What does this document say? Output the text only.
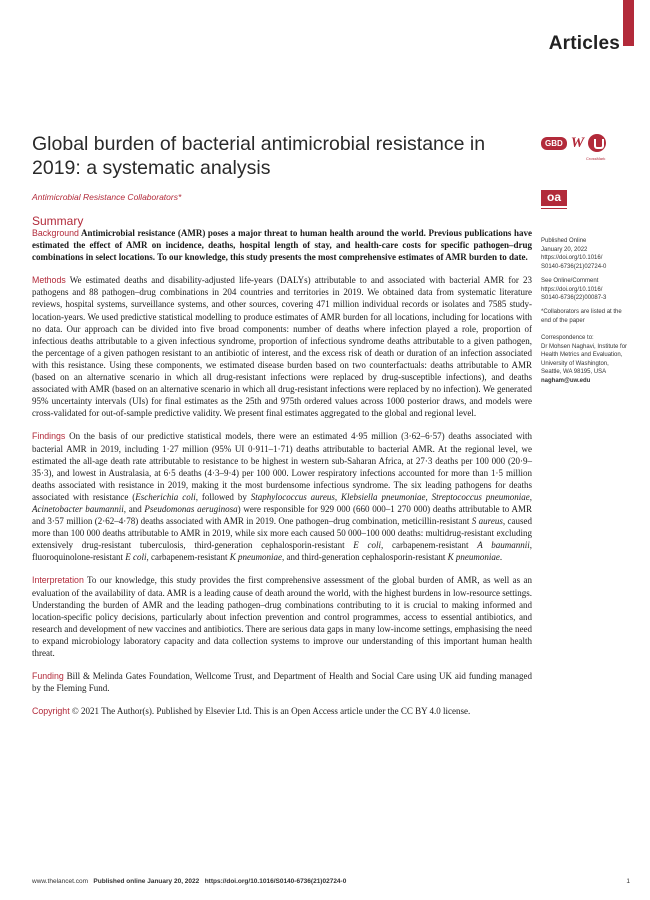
Articles
Global burden of bacterial antimicrobial resistance in 2019: a systematic analysis
Antimicrobial Resistance Collaborators*
GBD W
CrossMark
oa
Summary

Background Antimicrobial resistance (AMR) poses a major threat to human health around the world. Previous publications have estimated the effect of AMR on incidence, deaths, hospital length of stay, and health-care costs for specific pathogen–drug combinations in select locations. To our knowledge, this study presents the most comprehensive estimates of AMR burden to date.

Methods We estimated deaths and disability-adjusted life-years (DALYs) attributable to and associated with bacterial AMR for 23 pathogens and 88 pathogen–drug combinations in 204 countries and territories in 2019. We obtained data from systematic literature reviews, hospital systems, surveillance systems, and other sources, covering 471 million individual records or isolates and 7585 study-location-years. We used predictive statistical modelling to produce estimates of AMR burden for all locations, including for locations with no data. Our approach can be divided into five broad components: number of deaths where infection played a role, proportion of infectious deaths attributable to a given infectious syndrome, proportion of infectious syndrome deaths attributable to a given pathogen, the percentage of a given pathogen resistant to an antibiotic of interest, and the excess risk of death or duration of an infection associated with this resistance. Using these components, we estimated disease burden based on two counterfactuals: deaths attributable to AMR (based on an alternative scenario in which all drug-resistant infections were replaced by drug-susceptible infections), and deaths associated with AMR (based on an alternative scenario in which all drug-resistant infections were replaced by no infection). We generated 95% uncertainty intervals (UIs) for final estimates as the 25th and 975th ordered values across 1000 posterior draws, and models were cross-validated for out-of-sample predictive validity. We present final estimates aggregated to the global and regional level.

Findings On the basis of our predictive statistical models, there were an estimated 4·95 million (3·62–6·57) deaths associated with bacterial AMR in 2019, including 1·27 million (95% UI 0·911–1·71) deaths attributable to bacterial AMR. At the regional level, we estimated the all-age death rate attributable to resistance to be highest in western sub-Saharan Africa, at 27·3 deaths per 100 000 (20·9–35·3), and lowest in Australasia, at 6·5 deaths (4·3–9·4) per 100 000. Lower respiratory infections accounted for more than 1·5 million deaths associated with resistance in 2019, making it the most burdensome infectious syndrome. The six leading pathogens for deaths associated with resistance (Escherichia coli, followed by Staphylococcus aureus, Klebsiella pneumoniae, Streptococcus pneumoniae, Acinetobacter baumannii, and Pseudomonas aeruginosa) were responsible for 929 000 (660 000–1 270 000) deaths attributable to AMR and 3·57 million (2·62–4·78) deaths associated with AMR in 2019. One pathogen–drug combination, meticillin-resistant S aureus, caused more than 100 000 deaths attributable to AMR in 2019, while six more each caused 50 000–100 000 deaths: multidrug-resistant excluding extensively drug-resistant tuberculosis, third-generation cephalosporin-resistant E coli, carbapenem-resistant A baumannii, fluoroquinolone-resistant E coli, carbapenem-resistant K pneumoniae, and third-generation cephalosporin-resistant K pneumoniae.

Interpretation To our knowledge, this study provides the first comprehensive assessment of the global burden of AMR, as well as an evaluation of the availability of data. AMR is a leading cause of death around the world, with the highest burdens in low-resource settings. Understanding the burden of AMR and the leading pathogen–drug combinations contributing to it is crucial to making informed and location-specific policy decisions, particularly about infection prevention and control programmes, access to essential antibiotics, and research and development of new vaccines and antibiotics. There are serious data gaps in many low-income settings, emphasising the need to expand microbiology laboratory capacity and data collection systems to improve our understanding of this important human health threat.

Funding Bill & Melinda Gates Foundation, Wellcome Trust, and Department of Health and Social Care using UK aid funding managed by the Fleming Fund.

Copyright © 2021 The Author(s). Published by Elsevier Ltd. This is an Open Access article under the CC BY 4.0 license.

Published Online
January 20, 2022
https://doi.org/10.1016/
S0140-6736(21)02724-0
See Online/Comment
https://doi.org/10.1016/
S0140-6736(22)00087-3
*Collaborators are listed at the
end of the paper
Correspondence to:
Dr Mohsen Naghavi, Institute for
Health Metrics and Evaluation,
University of Washington,
Seattle, WA 98195, USA
nagham@uw.edu
www.thelancet.com Published online January 20, 2022 https://doi.org/10.1016/S0140-6736(21)02724-0	1
